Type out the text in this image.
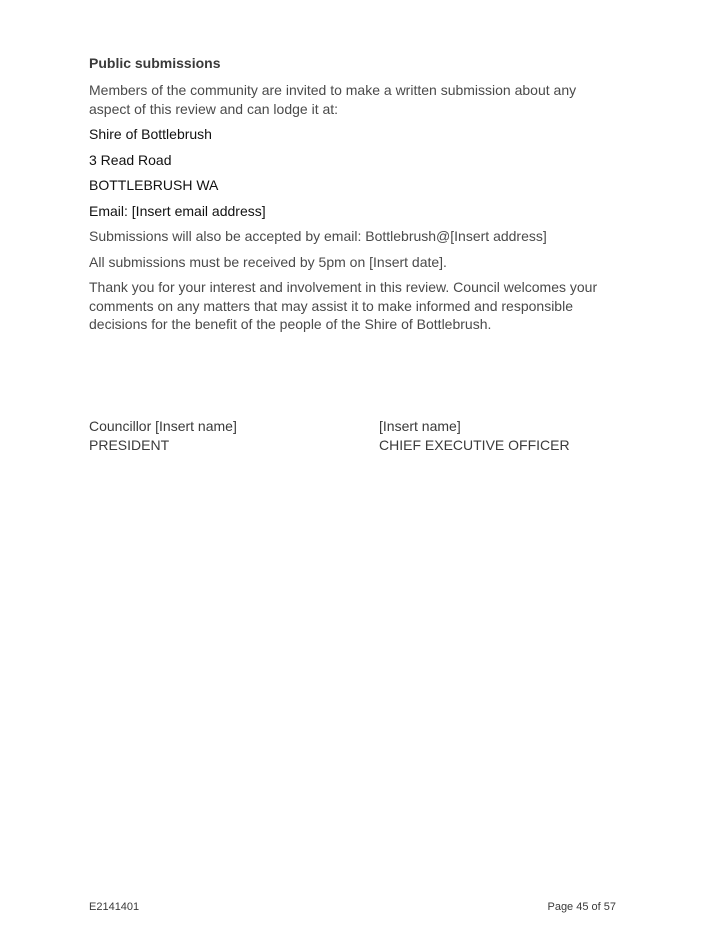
Public submissions

Members of the community are invited to make a written submission about any aspect of this review and can lodge it at:

Shire of Bottlebrush

3 Read Road

BOTTLEBRUSH WA

Email: [Insert email address]

Submissions will also be accepted by email: Bottlebrush@[Insert address]

All submissions must be received by 5pm on [Insert date].

Thank you for your interest and involvement in this review. Council welcomes your comments on any matters that may assist it to make informed and responsible decisions for the benefit of the people of the Shire of Bottlebrush.

Councillor [Insert name]
PRESIDENT
[Insert name]
CHIEF EXECUTIVE OFFICER
E2141401	Page 45 of 57
